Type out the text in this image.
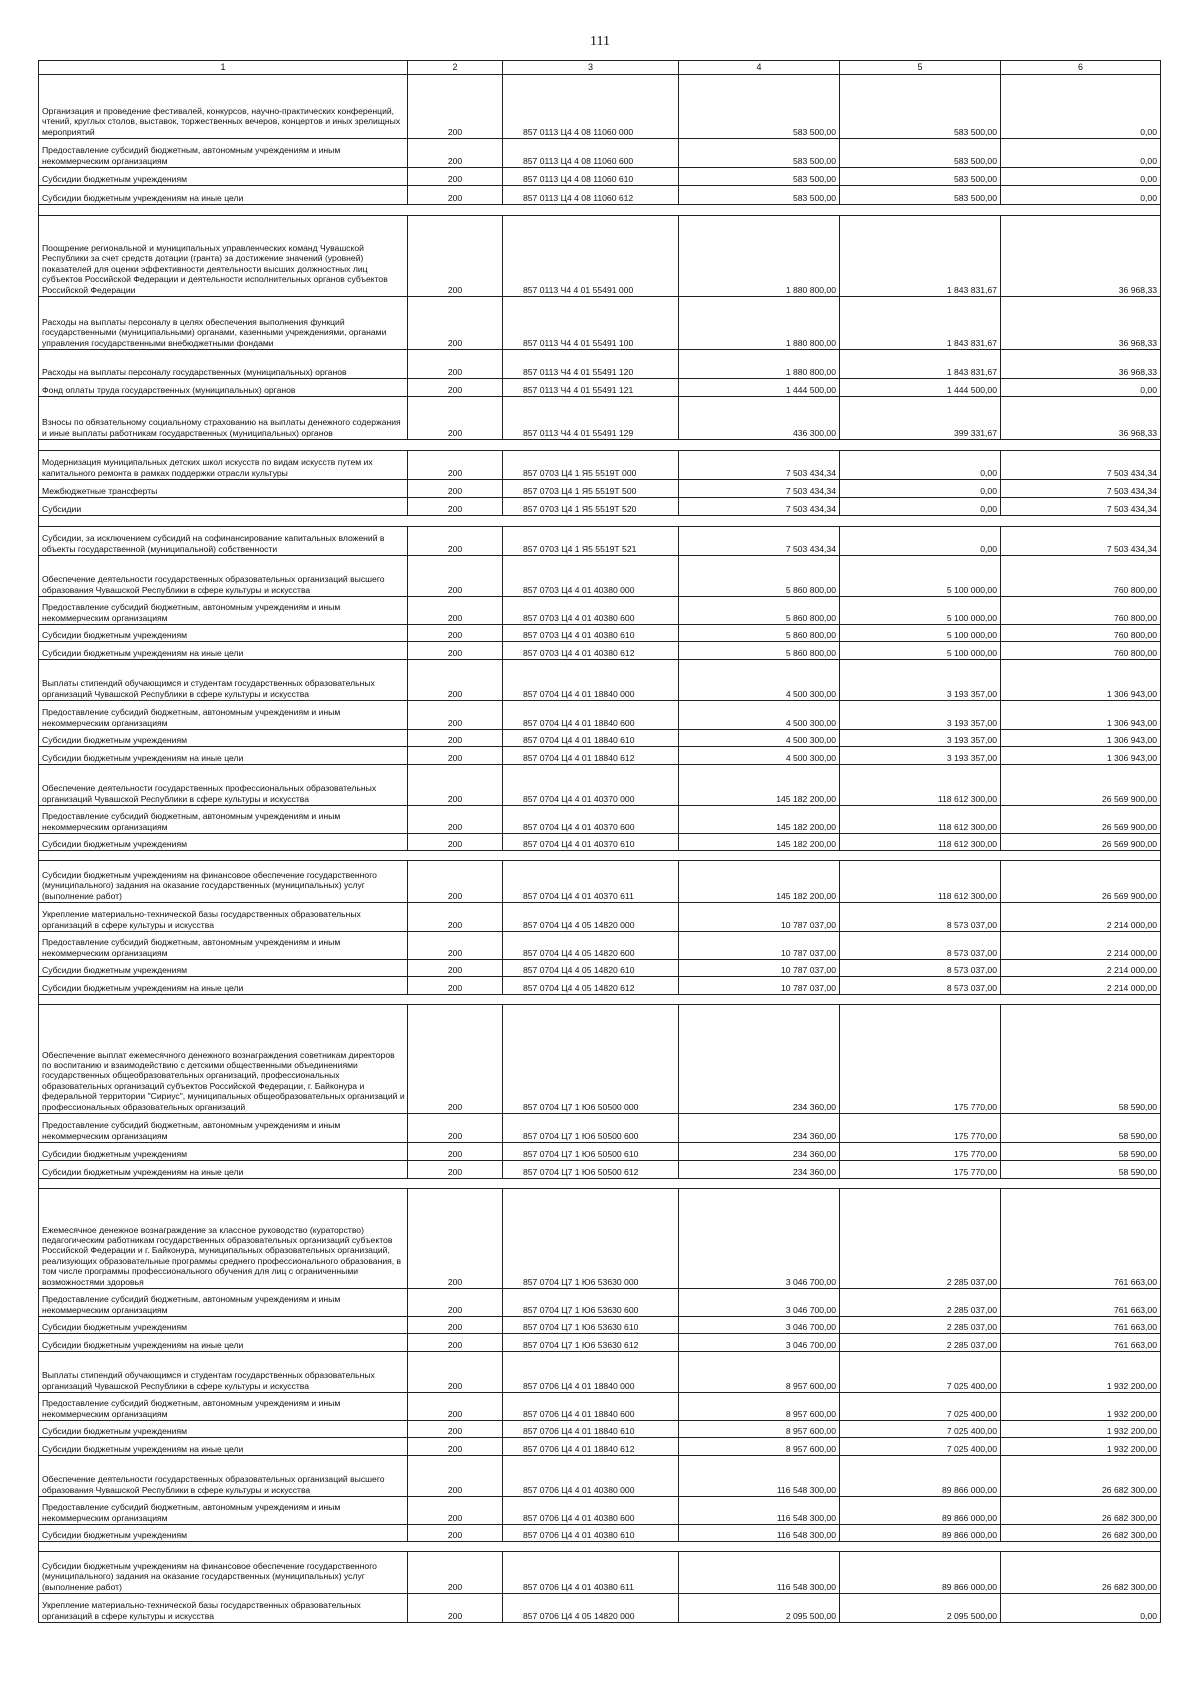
111
1	2	3	4	5	6
Организация и проведение фестивалей, конкурсов, научно-практических конференций, чтений, круглых столов, выставок, торжественных вечеров, концертов и иных зрелищных мероприятий	200	857 0113 Ц4 4 08 11060 000	583 500,00	583 500,00	0,00
Предоставление субсидий бюджетным, автономным учреждениям и иным некоммерческим организациям	200	857 0113 Ц4 4 08 11060 600	583 500,00	583 500,00	0,00
Субсидии бюджетным учреждениям	200	857 0113 Ц4 4 08 11060 610	583 500,00	583 500,00	0,00
Субсидии бюджетным учреждениям на иные цели	200	857 0113 Ц4 4 08 11060 612	583 500,00	583 500,00	0,00

Поощрение региональной и муниципальных управленческих команд Чувашской Республики за счет средств дотации (гранта) за достижение значений (уровней) показателей для оценки эффективности деятельности высших должностных лиц субъектов Российской Федерации и деятельности исполнительных органов субъектов Российской Федерации	200	857 0113 Ч4 4 01 55491 000	1 880 800,00	1 843 831,67	36 968,33
Расходы на выплаты персоналу в целях обеспечения выполнения функций государственными (муниципальными) органами, казенными учреждениями, органами управления государственными внебюджетными фондами	200	857 0113 Ч4 4 01 55491 100	1 880 800,00	1 843 831,67	36 968,33
Расходы на выплаты персоналу государственных (муниципальных) органов	200	857 0113 Ч4 4 01 55491 120	1 880 800,00	1 843 831,67	36 968,33
Фонд оплаты труда государственных (муниципальных) органов	200	857 0113 Ч4 4 01 55491 121	1 444 500,00	1 444 500,00	0,00
Взносы по обязательному социальному страхованию на выплаты денежного содержания и иные выплаты работникам государственных (муниципальных) органов	200	857 0113 Ч4 4 01 55491 129	436 300,00	399 331,67	36 968,33

Модернизация муниципальных детских школ искусств по видам искусств путем их капитального ремонта в рамках поддержки отрасли культуры	200	857 0703 Ц4 1 Я5 5519Т 000	7 503 434,34	0,00	7 503 434,34
Межбюджетные трансферты	200	857 0703 Ц4 1 Я5 5519Т 500	7 503 434,34	0,00	7 503 434,34
Субсидии	200	857 0703 Ц4 1 Я5 5519Т 520	7 503 434,34	0,00	7 503 434,34

Субсидии, за исключением субсидий на софинансирование капитальных вложений в объекты государственной (муниципальной) собственности	200	857 0703 Ц4 1 Я5 5519Т 521	7 503 434,34	0,00	7 503 434,34
Обеспечение деятельности государственных образовательных организаций высшего образования Чувашской Республики в сфере культуры и искусства	200	857 0703 Ц4 4 01 40380 000	5 860 800,00	5 100 000,00	760 800,00
Предоставление субсидий бюджетным, автономным учреждениям и иным некоммерческим организациям	200	857 0703 Ц4 4 01 40380 600	5 860 800,00	5 100 000,00	760 800,00
Субсидии бюджетным учреждениям	200	857 0703 Ц4 4 01 40380 610	5 860 800,00	5 100 000,00	760 800,00
Субсидии бюджетным учреждениям на иные цели	200	857 0703 Ц4 4 01 40380 612	5 860 800,00	5 100 000,00	760 800,00
Выплаты стипендий обучающимся и студентам государственных образовательных организаций Чувашской Республики в сфере культуры и искусства	200	857 0704 Ц4 4 01 18840 000	4 500 300,00	3 193 357,00	1 306 943,00
Предоставление субсидий бюджетным, автономным учреждениям и иным некоммерческим организациям	200	857 0704 Ц4 4 01 18840 600	4 500 300,00	3 193 357,00	1 306 943,00
Субсидии бюджетным учреждениям	200	857 0704 Ц4 4 01 18840 610	4 500 300,00	3 193 357,00	1 306 943,00
Субсидии бюджетным учреждениям на иные цели	200	857 0704 Ц4 4 01 18840 612	4 500 300,00	3 193 357,00	1 306 943,00
Обеспечение деятельности государственных профессиональных образовательных организаций Чувашской Республики в сфере культуры и искусства	200	857 0704 Ц4 4 01 40370 000	145 182 200,00	118 612 300,00	26 569 900,00
Предоставление субсидий бюджетным, автономным учреждениям и иным некоммерческим организациям	200	857 0704 Ц4 4 01 40370 600	145 182 200,00	118 612 300,00	26 569 900,00
Субсидии бюджетным учреждениям	200	857 0704 Ц4 4 01 40370 610	145 182 200,00	118 612 300,00	26 569 900,00

Субсидии бюджетным учреждениям на финансовое обеспечение государственного (муниципального) задания на оказание государственных (муниципальных) услуг (выполнение работ)	200	857 0704 Ц4 4 01 40370 611	145 182 200,00	118 612 300,00	26 569 900,00
Укрепление материально-технической базы государственных образовательных организаций в сфере культуры и искусства	200	857 0704 Ц4 4 05 14820 000	10 787 037,00	8 573 037,00	2 214 000,00
Предоставление субсидий бюджетным, автономным учреждениям и иным некоммерческим организациям	200	857 0704 Ц4 4 05 14820 600	10 787 037,00	8 573 037,00	2 214 000,00
Субсидии бюджетным учреждениям	200	857 0704 Ц4 4 05 14820 610	10 787 037,00	8 573 037,00	2 214 000,00
Субсидии бюджетным учреждениям на иные цели	200	857 0704 Ц4 4 05 14820 612	10 787 037,00	8 573 037,00	2 214 000,00

Обеспечение выплат ежемесячного денежного вознаграждения советникам директоров по воспитанию и взаимодействию с детскими общественными объединениями государственных общеобразовательных организаций, профессиональных образовательных организаций субъектов Российской Федерации, г. Байконура и федеральной территории "Сириус", муниципальных общеобразовательных организаций и профессиональных образовательных организаций	200	857 0704 Ц7 1 Ю6 50500 000	234 360,00	175 770,00	58 590,00
Предоставление субсидий бюджетным, автономным учреждениям и иным некоммерческим организациям	200	857 0704 Ц7 1 Ю6 50500 600	234 360,00	175 770,00	58 590,00
Субсидии бюджетным учреждениям	200	857 0704 Ц7 1 Ю6 50500 610	234 360,00	175 770,00	58 590,00
Субсидии бюджетным учреждениям на иные цели	200	857 0704 Ц7 1 Ю6 50500 612	234 360,00	175 770,00	58 590,00

Ежемесячное денежное вознаграждение за классное руководство (кураторство) педагогическим работникам государственных образовательных организаций субъектов Российской Федерации и г. Байконура, муниципальных образовательных организаций, реализующих образовательные программы среднего профессионального образования, в том числе программы профессионального обучения для лиц с ограниченными возможностями здоровья	200	857 0704 Ц7 1 Ю6 53630 000	3 046 700,00	2 285 037,00	761 663,00
Предоставление субсидий бюджетным, автономным учреждениям и иным некоммерческим организациям	200	857 0704 Ц7 1 Ю6 53630 600	3 046 700,00	2 285 037,00	761 663,00
Субсидии бюджетным учреждениям	200	857 0704 Ц7 1 Ю6 53630 610	3 046 700,00	2 285 037,00	761 663,00
Субсидии бюджетным учреждениям на иные цели	200	857 0704 Ц7 1 Ю6 53630 612	3 046 700,00	2 285 037,00	761 663,00
Выплаты стипендий обучающимся и студентам государственных образовательных организаций Чувашской Республики в сфере культуры и искусства	200	857 0706 Ц4 4 01 18840 000	8 957 600,00	7 025 400,00	1 932 200,00
Предоставление субсидий бюджетным, автономным учреждениям и иным некоммерческим организациям	200	857 0706 Ц4 4 01 18840 600	8 957 600,00	7 025 400,00	1 932 200,00
Субсидии бюджетным учреждениям	200	857 0706 Ц4 4 01 18840 610	8 957 600,00	7 025 400,00	1 932 200,00
Субсидии бюджетным учреждениям на иные цели	200	857 0706 Ц4 4 01 18840 612	8 957 600,00	7 025 400,00	1 932 200,00
Обеспечение деятельности государственных образовательных организаций высшего образования Чувашской Республики в сфере культуры и искусства	200	857 0706 Ц4 4 01 40380 000	116 548 300,00	89 866 000,00	26 682 300,00
Предоставление субсидий бюджетным, автономным учреждениям и иным некоммерческим организациям	200	857 0706 Ц4 4 01 40380 600	116 548 300,00	89 866 000,00	26 682 300,00
Субсидии бюджетным учреждениям	200	857 0706 Ц4 4 01 40380 610	116 548 300,00	89 866 000,00	26 682 300,00

Субсидии бюджетным учреждениям на финансовое обеспечение государственного (муниципального) задания на оказание государственных (муниципальных) услуг (выполнение работ)	200	857 0706 Ц4 4 01 40380 611	116 548 300,00	89 866 000,00	26 682 300,00
Укрепление материально-технической базы государственных образовательных организаций в сфере культуры и искусства	200	857 0706 Ц4 4 05 14820 000	2 095 500,00	2 095 500,00	0,00
